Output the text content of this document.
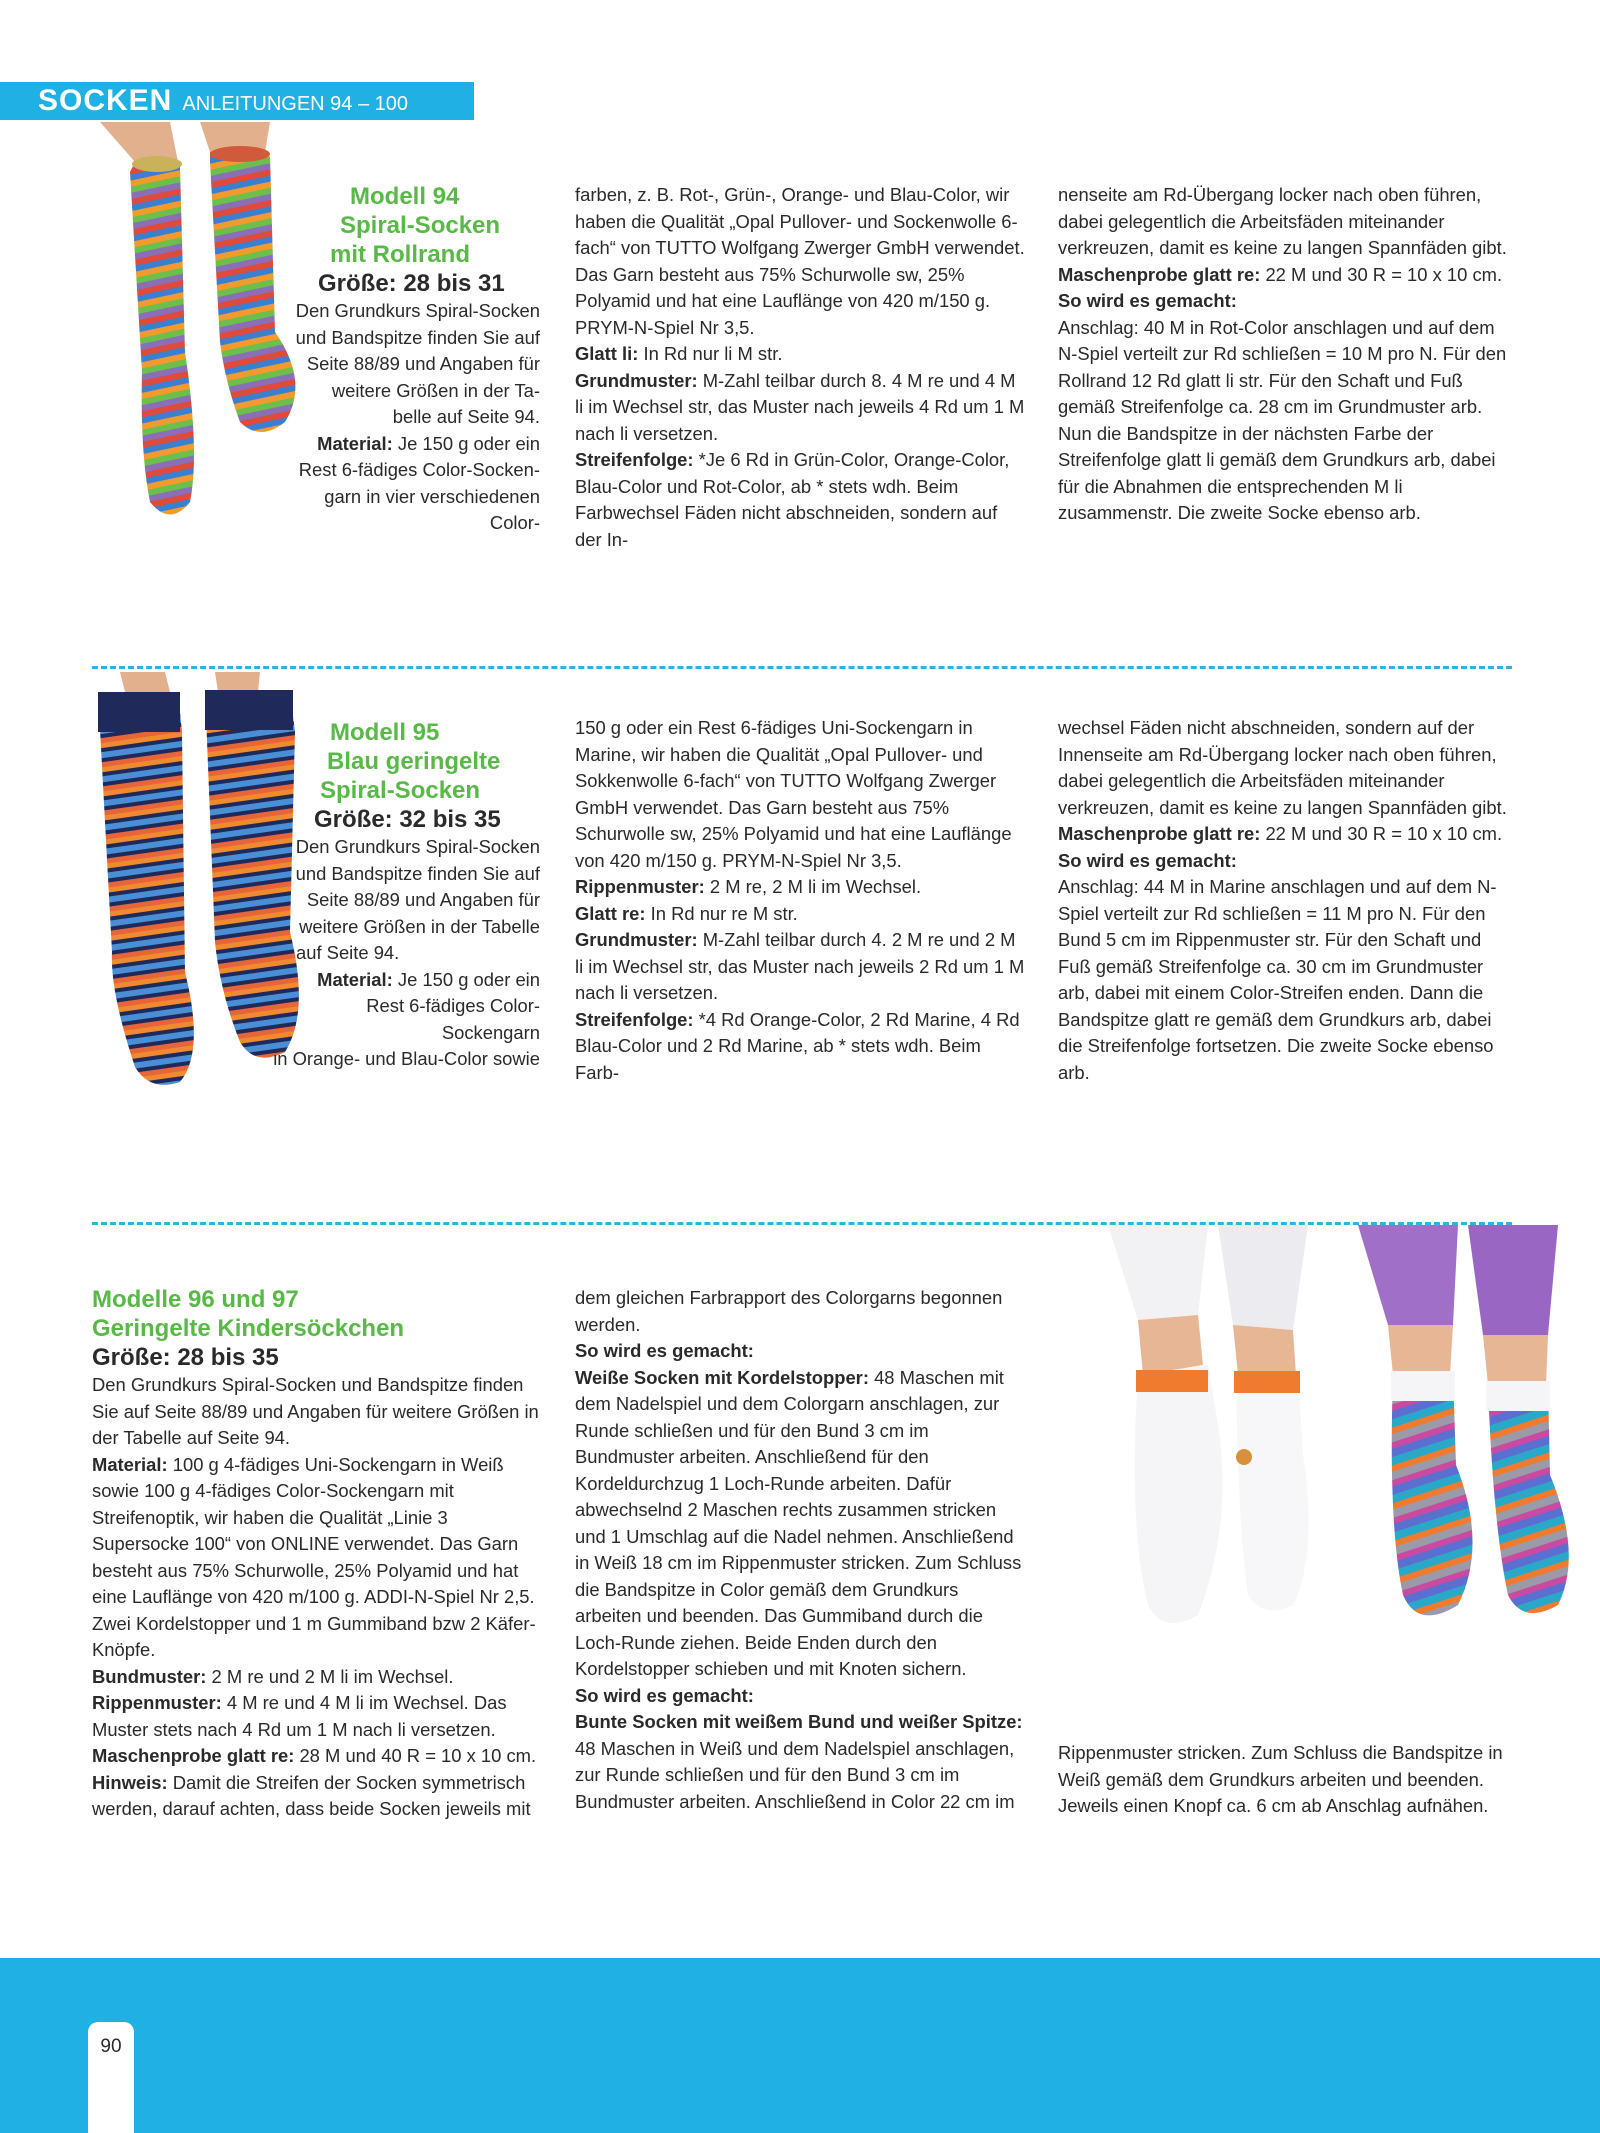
SOCKEN ANLEITUNGEN 94 – 100

Modell 94

Spiral-Socken

mit Rollrand

Größe: 28 bis 31

Den Grundkurs Spiral-Socken

und Bandspitze finden Sie auf

Seite 88/89 und Angaben für

weitere Größen in der Ta-

belle auf Seite 94.

Material: Je 150 g oder ein

Rest 6-fädiges Color-Socken-

garn in vier verschiedenen Color-

farben, z. B. Rot-, Grün-, Orange- und Blau-Color, wir haben die Qualität „Opal Pullover- und Sockenwolle 6-fach“ von TUTTO Wolfgang Zwerger GmbH verwendet. Das Garn besteht aus 75% Schurwolle sw, 25% Polyamid und hat eine Lauflänge von 420 m/150 g. PRYM-N-Spiel Nr 3,5.

Glatt li: In Rd nur li M str.

Grundmuster: M-Zahl teilbar durch 8. 4 M re und 4 M li im Wechsel str, das Muster nach jeweils 4 Rd um 1 M nach li versetzen.

Streifenfolge: *Je 6 Rd in Grün-Color, Orange-Color, Blau-Color und Rot-Color, ab * stets wdh. Beim Farbwechsel Fäden nicht abschneiden, sondern auf der In-

nenseite am Rd-Übergang locker nach oben führen, dabei gelegentlich die Arbeitsfäden miteinander verkreuzen, damit es keine zu langen Spannfäden gibt.

Maschenprobe glatt re: 22 M und 30 R = 10 x 10 cm.

So wird es gemacht:

Anschlag: 40 M in Rot-Color anschlagen und auf dem N-Spiel verteilt zur Rd schließen = 10 M pro N. Für den Rollrand 12 Rd glatt li str. Für den Schaft und Fuß gemäß Streifenfolge ca. 28 cm im Grundmuster arb. Nun die Bandspitze in der nächsten Farbe der Streifenfolge glatt li gemäß dem Grundkurs arb, dabei für die Abnahmen die entsprechenden M li zusammenstr. Die zweite Socke ebenso arb.

Modell 95

Blau geringelte

Spiral-Socken

Größe: 32 bis 35

Den Grundkurs Spiral-Socken

und Bandspitze finden Sie auf

Seite 88/89 und Angaben für

weitere Größen in der Tabelle

auf Seite 94.

Material: Je 150 g oder ein

Rest 6-fädiges Color-Sockengarn

in Orange- und Blau-Color sowie

150 g oder ein Rest 6-fädiges Uni-Sockengarn in Marine, wir haben die Qualität „Opal Pullover- und Sokkenwolle 6-fach“ von TUTTO Wolfgang Zwerger GmbH verwendet. Das Garn besteht aus 75% Schurwolle sw, 25% Polyamid und hat eine Lauflänge von 420 m/150 g. PRYM-N-Spiel Nr 3,5.

Rippenmuster: 2 M re, 2 M li im Wechsel.

Glatt re: In Rd nur re M str.

Grundmuster: M-Zahl teilbar durch 4. 2 M re und 2 M li im Wechsel str, das Muster nach jeweils 2 Rd um 1 M nach li versetzen.

Streifenfolge: *4 Rd Orange-Color, 2 Rd Marine, 4 Rd Blau-Color und 2 Rd Marine, ab * stets wdh. Beim Farb-

wechsel Fäden nicht abschneiden, sondern auf der Innenseite am Rd-Übergang locker nach oben führen, dabei gelegentlich die Arbeitsfäden miteinander verkreuzen, damit es keine zu langen Spannfäden gibt.

Maschenprobe glatt re: 22 M und 30 R = 10 x 10 cm.

So wird es gemacht:

Anschlag: 44 M in Marine anschlagen und auf dem N-Spiel verteilt zur Rd schließen = 11 M pro N. Für den Bund 5 cm im Rippenmuster str. Für den Schaft und Fuß gemäß Streifenfolge ca. 30 cm im Grundmuster arb, dabei mit einem Color-Streifen enden. Dann die Bandspitze glatt re gemäß dem Grundkurs arb, dabei die Streifenfolge fortsetzen. Die zweite Socke ebenso arb.

Modelle 96 und 97

Geringelte Kindersöckchen

Größe: 28 bis 35

Den Grundkurs Spiral-Socken und Bandspitze finden Sie auf Seite 88/89 und Angaben für weitere Größen in der Tabelle auf Seite 94.

Material: 100 g 4-fädiges Uni-Sockengarn in Weiß sowie 100 g 4-fädiges Color-Sockengarn mit Streifenoptik, wir haben die Qualität „Linie 3 Supersocke 100“ von ONLINE verwendet. Das Garn besteht aus 75% Schurwolle, 25% Polyamid und hat eine Lauflänge von 420 m/100 g. ADDI-N-Spiel Nr 2,5. Zwei Kordelstopper und 1 m Gummiband bzw 2 Käfer-Knöpfe.

Bundmuster: 2 M re und 2 M li im Wechsel.

Rippenmuster: 4 M re und 4 M li im Wechsel. Das Muster stets nach 4 Rd um 1 M nach li versetzen.

Maschenprobe glatt re: 28 M und 40 R = 10 x 10 cm.

Hinweis: Damit die Streifen der Socken symmetrisch werden, darauf achten, dass beide Socken jeweils mit

dem gleichen Farbrapport des Colorgarns begonnen werden.

So wird es gemacht:

Weiße Socken mit Kordelstopper: 48 Maschen mit dem Nadelspiel und dem Colorgarn anschlagen, zur Runde schließen und für den Bund 3 cm im Bundmuster arbeiten. Anschließend für den Kordeldurchzug 1 Loch-Runde arbeiten. Dafür abwechselnd 2 Maschen rechts zusammen stricken und 1 Umschlag auf die Nadel nehmen. Anschließend in Weiß 18 cm im Rippenmuster stricken. Zum Schluss die Bandspitze in Color gemäß dem Grundkurs arbeiten und beenden. Das Gummiband durch die Loch-Runde ziehen. Beide Enden durch den Kordelstopper schieben und mit Knoten sichern.

So wird es gemacht:

Bunte Socken mit weißem Bund und weißer Spitze: 48 Maschen in Weiß und dem Nadelspiel anschlagen, zur Runde schließen und für den Bund 3 cm im Bundmuster arbeiten. Anschließend in Color 22 cm im

Rippenmuster stricken. Zum Schluss die Bandspitze in Weiß gemäß dem Grundkurs arbeiten und beenden. Jeweils einen Knopf ca. 6 cm ab Anschlag aufnähen.

90
